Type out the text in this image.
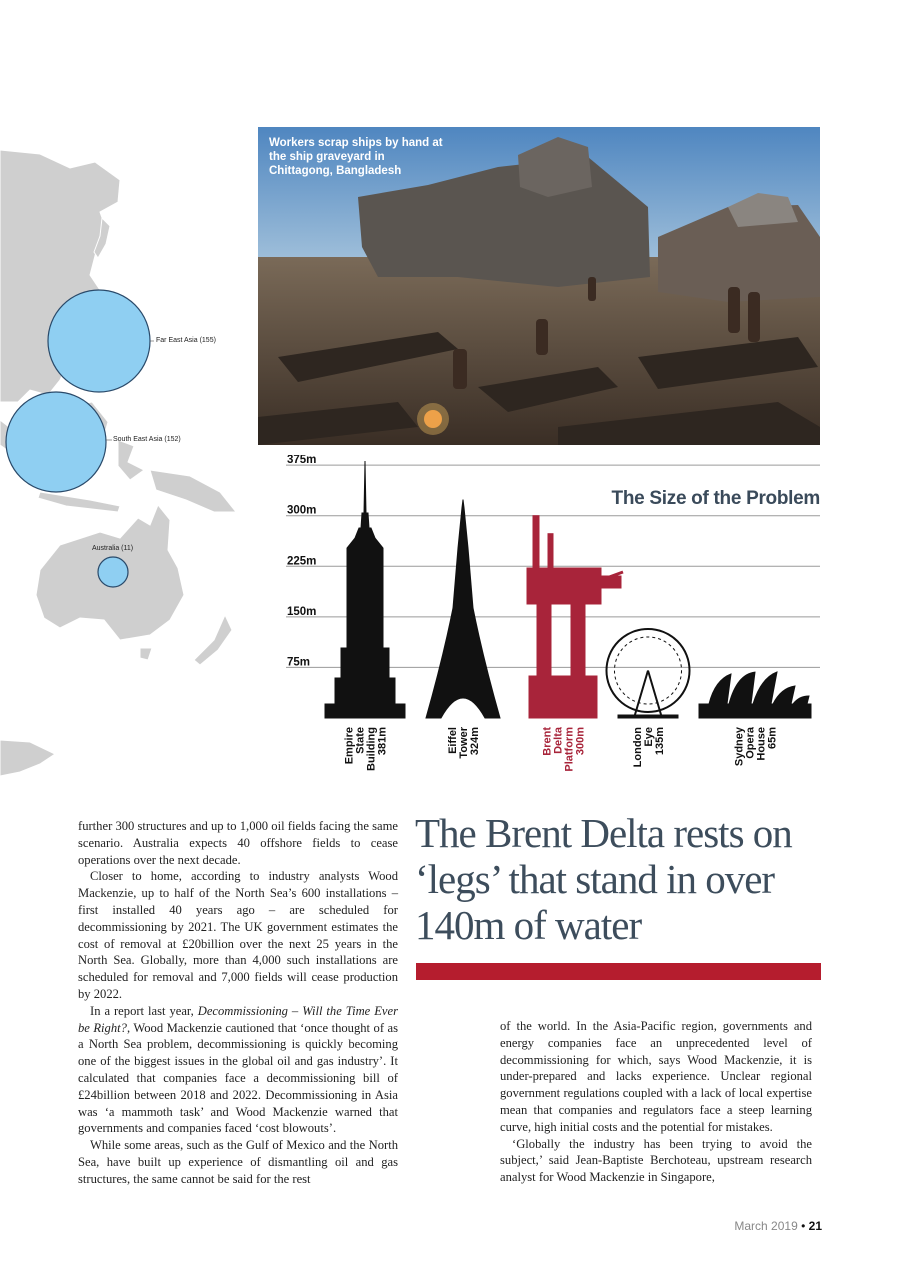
Far East Asia (155)
South East Asia (152)
Australia (11)
Workers scrap ships by hand at the ship graveyard in Chittagong, Bangladesh
375m
300m
225m
150m
75m
Empire State Building 381m	Eiffel Tower 324m	Brent Delta Platform 300m	London Eye 135m	Sydney Opera House 65m
The Size of the Problem

further 300 structures and up to 1,000 oil fields facing the same scenario. Australia expects 40 offshore fields to cease operations over the next decade.

Closer to home, according to industry analysts Wood Mackenzie, up to half of the North Sea’s 600 installations – first installed 40 years ago – are scheduled for decommissioning by 2021. The UK government estimates the cost of removal at £20billion over the next 25 years in the North Sea. Globally, more than 4,000 such installations are scheduled for removal and 7,000 fields will cease production by 2022.

In a report last year, Decommissioning – Will the Time Ever be Right?, Wood Mackenzie cautioned that ‘once thought of as a North Sea problem, decommissioning is quickly becoming one of the biggest issues in the global oil and gas industry’. It calculated that companies face a decommissioning bill of £24billion between 2018 and 2022. Decommissioning in Asia was ‘a mammoth task’ and Wood Mackenzie warned that governments and companies faced ‘cost blowouts’.

While some areas, such as the Gulf of Mexico and the North Sea, have built up experience of dismantling oil and gas structures, the same cannot be said for the rest

The Brent Delta rests on ‘legs’ that stand in over 140m of water

of the world. In the Asia-Pacific region, governments and energy companies face an unprecedented level of decommissioning for which, says Wood Mackenzie, it is under-prepared and lacks experience. Unclear regional government regulations coupled with a lack of local expertise mean that companies and regulators face a steep learning curve, high initial costs and the potential for mistakes.

‘Globally the industry has been trying to avoid the subject,’ said Jean-Baptiste Berchoteau, upstream research analyst for Wood Mackenzie in Singapore,

March 2019 • 21
